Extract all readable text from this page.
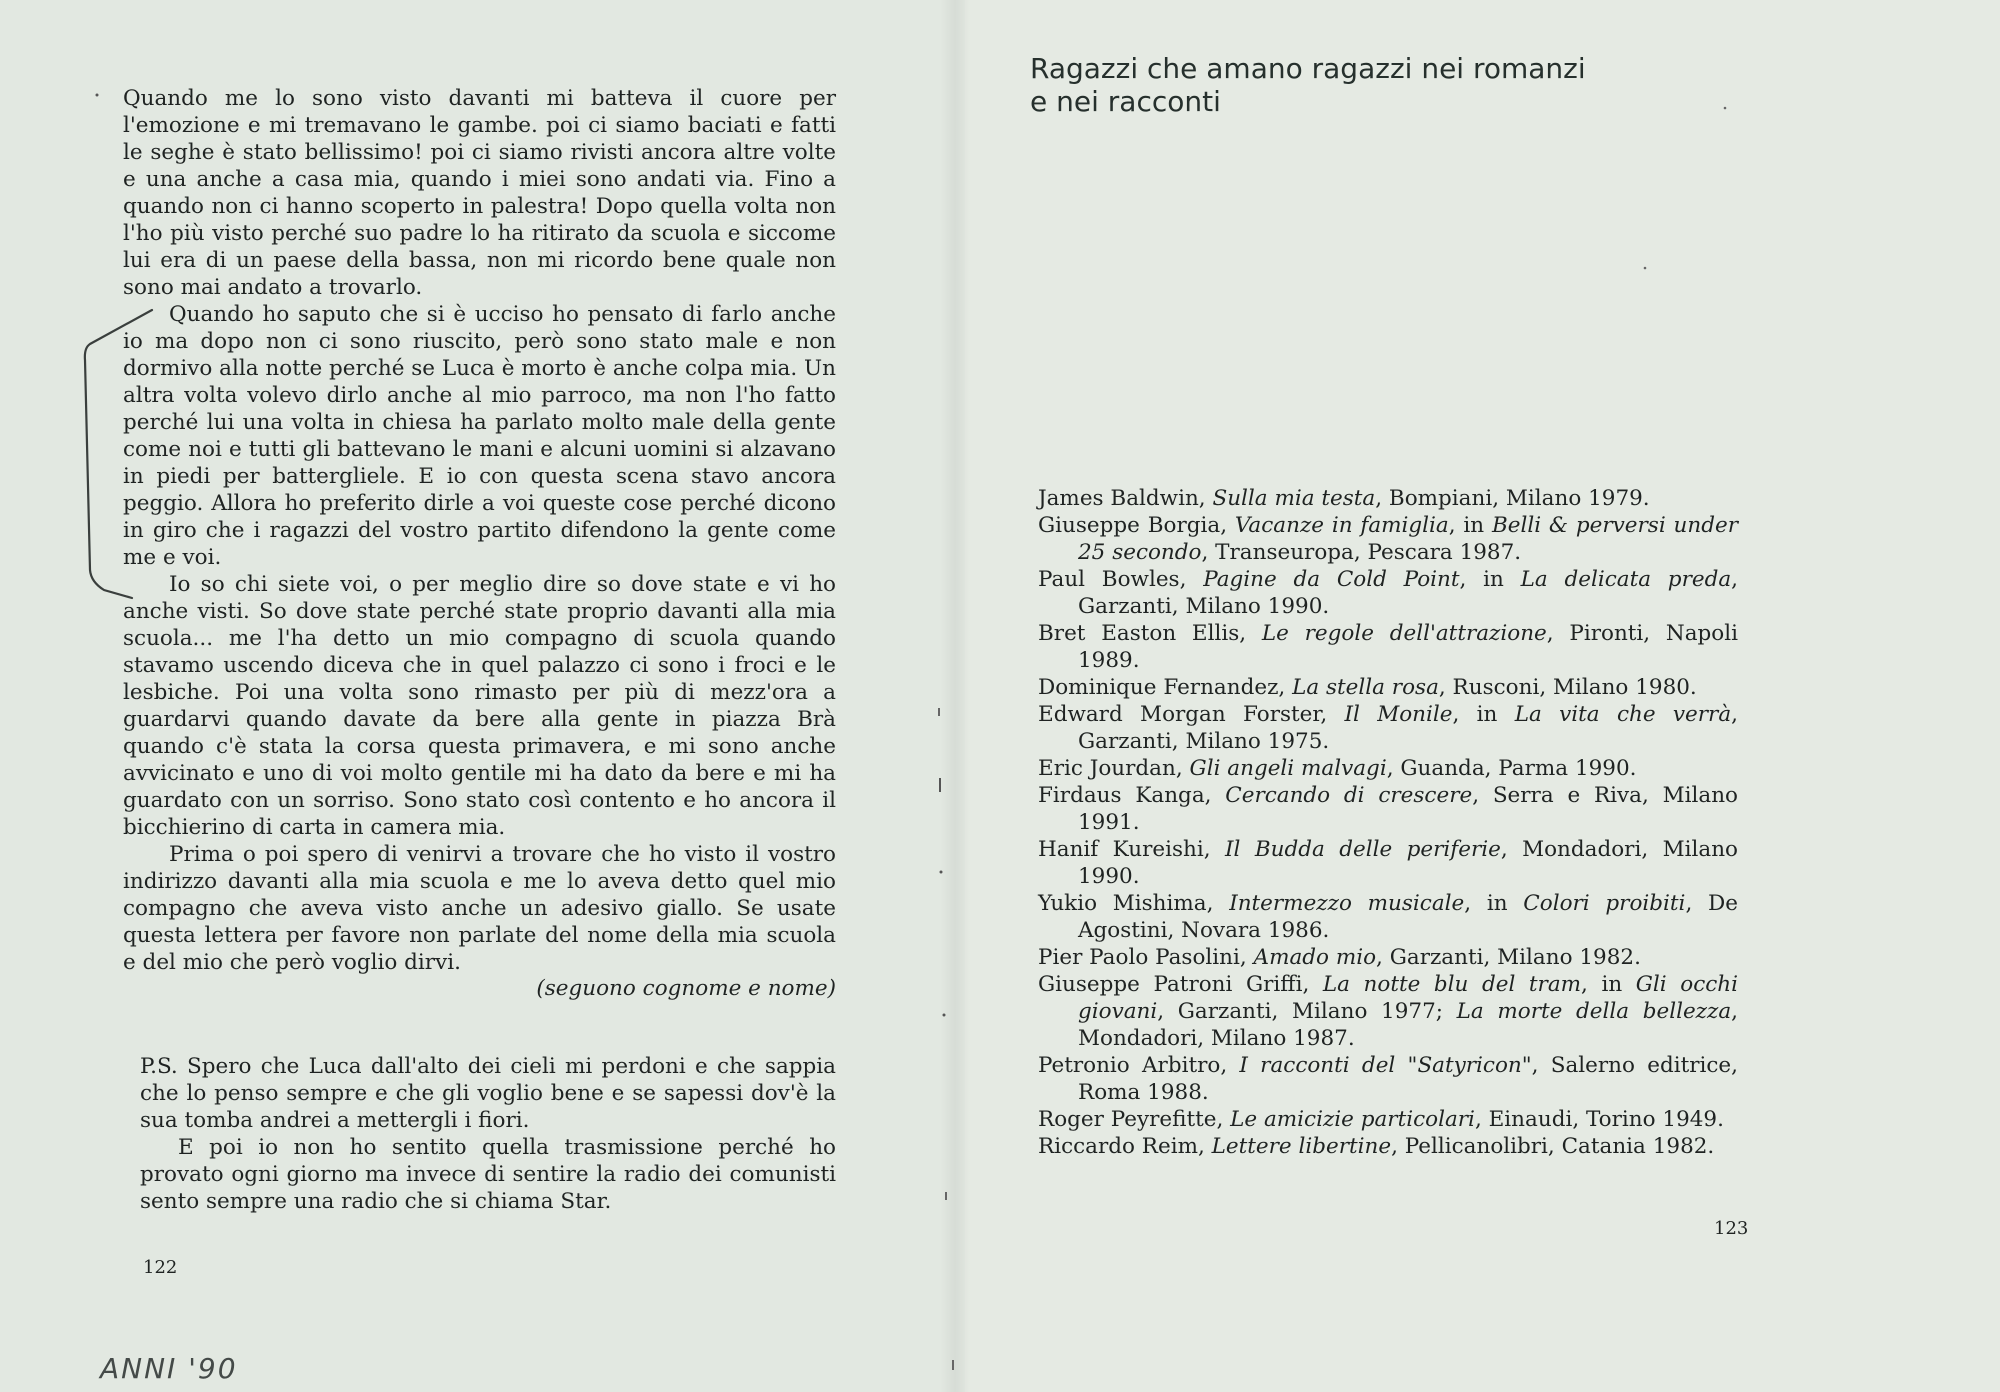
Quando me lo sono visto davanti mi batteva il cuore per l'emozione e mi tremavano le gambe. poi ci siamo baciati e fatti le seghe è stato bellissimo! poi ci siamo rivisti ancora altre volte e una anche a casa mia, quando i miei sono andati via. Fino a quando non ci hanno scoperto in palestra! Dopo quella volta non l'ho più visto perché suo padre lo ha ritirato da scuola e siccome lui era di un paese della bassa, non mi ricordo bene quale non sono mai andato a trovarlo.

Quando ho saputo che si è ucciso ho pensato di farlo anche io ma dopo non ci sono riuscito, però sono stato male e non dormivo alla notte perché se Luca è morto è anche colpa mia. Un altra volta volevo dirlo anche al mio parroco, ma non l'ho fatto perché lui una volta in chiesa ha parlato molto male della gente come noi e tutti gli battevano le mani e alcuni uomini si alzavano in piedi per battergliele. E io con questa scena stavo ancora peggio. Allora ho preferito dirle a voi queste cose perché dicono in giro che i ragazzi del vostro partito difendono la gente come me e voi.

Io so chi siete voi, o per meglio dire so dove state e vi ho anche visti. So dove state perché state proprio davanti alla mia scuola... me l'ha detto un mio compagno di scuola quando stavamo uscendo diceva che in quel palazzo ci sono i froci e le lesbiche. Poi una volta sono rimasto per più di mezz'ora a guardarvi quando davate da bere alla gente in piazza Brà quando c'è stata la corsa questa primavera, e mi sono anche avvicinato e uno di voi molto gentile mi ha dato da bere e mi ha guardato con un sorriso. Sono stato così contento e ho ancora il bicchierino di carta in camera mia.

Prima o poi spero di venirvi a trovare che ho visto il vostro indirizzo davanti alla mia scuola e me lo aveva detto quel mio compagno che aveva visto anche un adesivo giallo. Se usate questa lettera per favore non parlate del nome della mia scuola e del mio che però voglio dirvi.

(seguono cognome e nome)

P.S. Spero che Luca dall'alto dei cieli mi perdoni e che sappia che lo penso sempre e che gli voglio bene e se sapessi dov'è la sua tomba andrei a mettergli i fiori.

E poi io non ho sentito quella trasmissione perché ho provato ogni giorno ma invece di sentire la radio dei comunisti sento sempre una radio che si chiama Star.

122
ANNI '90
Ragazzi che amano ragazzi nei romanzi
e nei racconti

James Baldwin, Sulla mia testa, Bompiani, Milano 1979.

Giuseppe Borgia, Vacanze in famiglia, in Belli & perversi under 25 secondo, Transeuropa, Pescara 1987.

Paul Bowles, Pagine da Cold Point, in La delicata preda, Garzanti, Milano 1990.

Bret Easton Ellis, Le regole dell'attrazione, Pironti, Napoli 1989.

Dominique Fernandez, La stella rosa, Rusconi, Milano 1980.

Edward Morgan Forster, Il Monile, in La vita che verrà, Garzanti, Milano 1975.

Eric Jourdan, Gli angeli malvagi, Guanda, Parma 1990.

Firdaus Kanga, Cercando di crescere, Serra e Riva, Milano 1991.

Hanif Kureishi, Il Budda delle periferie, Mondadori, Milano 1990.

Yukio Mishima, Intermezzo musicale, in Colori proibiti, De Agostini, Novara 1986.

Pier Paolo Pasolini, Amado mio, Garzanti, Milano 1982.

Giuseppe Patroni Griffi, La notte blu del tram, in Gli occhi giovani, Garzanti, Milano 1977; La morte della bellezza, Mondadori, Milano 1987.

Petronio Arbitro, I racconti del "Satyricon", Salerno editrice, Roma 1988.

Roger Peyrefitte, Le amicizie particolari, Einaudi, Torino 1949.

Riccardo Reim, Lettere libertine, Pellicanolibri, Catania 1982.

123
